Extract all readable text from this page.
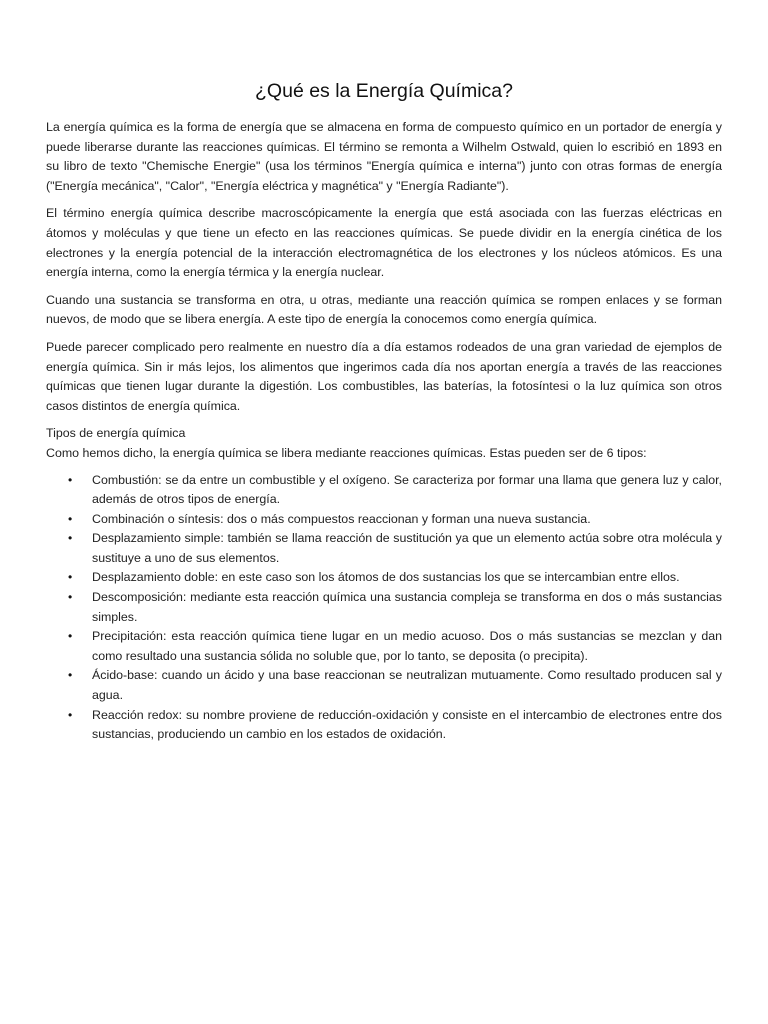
¿Qué es la Energía Química?

La energía química es la forma de energía que se almacena en forma de compuesto químico en un portador de energía y puede liberarse durante las reacciones químicas. El término se remonta a Wilhelm Ostwald, quien lo escribió en 1893 en su libro de texto "Chemische Energie" (usa los términos "Energía química e interna") junto con otras formas de energía ("Energía mecánica", "Calor", "Energía eléctrica y magnética" y "Energía Radiante").

El término energía química describe macroscópicamente la energía que está asociada con las fuerzas eléctricas en átomos y moléculas y que tiene un efecto en las reacciones químicas. Se puede dividir en la energía cinética de los electrones y la energía potencial de la interacción electromagnética de los electrones y los núcleos atómicos. Es una energía interna, como la energía térmica y la energía nuclear.

Cuando una sustancia se transforma en otra, u otras, mediante una reacción química se rompen enlaces y se forman nuevos, de modo que se libera energía. A este tipo de energía la conocemos como energía química.

Puede parecer complicado pero realmente en nuestro día a día estamos rodeados de una gran variedad de ejemplos de energía química. Sin ir más lejos, los alimentos que ingerimos cada día nos aportan energía a través de las reacciones químicas que tienen lugar durante la digestión. Los combustibles, las baterías, la fotosíntesi o la luz química son otros casos distintos de energía química.

Tipos de energía química

Como hemos dicho, la energía química se libera mediante reacciones químicas. Estas pueden ser de 6 tipos:

• Combustión: se da entre un combustible y el oxígeno. Se caracteriza por formar una llama que genera luz y calor, además de otros tipos de energía.
• Combinación o síntesis: dos o más compuestos reaccionan y forman una nueva sustancia.
• Desplazamiento simple: también se llama reacción de sustitución ya que un elemento actúa sobre otra molécula y sustituye a uno de sus elementos.
• Desplazamiento doble: en este caso son los átomos de dos sustancias los que se intercambian entre ellos.
• Descomposición: mediante esta reacción química una sustancia compleja se transforma en dos o más sustancias simples.
• Precipitación: esta reacción química tiene lugar en un medio acuoso. Dos o más sustancias se mezclan y dan como resultado una sustancia sólida no soluble que, por lo tanto, se deposita (o precipita).
• Ácido-base: cuando un ácido y una base reaccionan se neutralizan mutuamente. Como resultado producen sal y agua.
• Reacción redox: su nombre proviene de reducción-oxidación y consiste en el intercambio de electrones entre dos sustancias, produciendo un cambio en los estados de oxidación.
